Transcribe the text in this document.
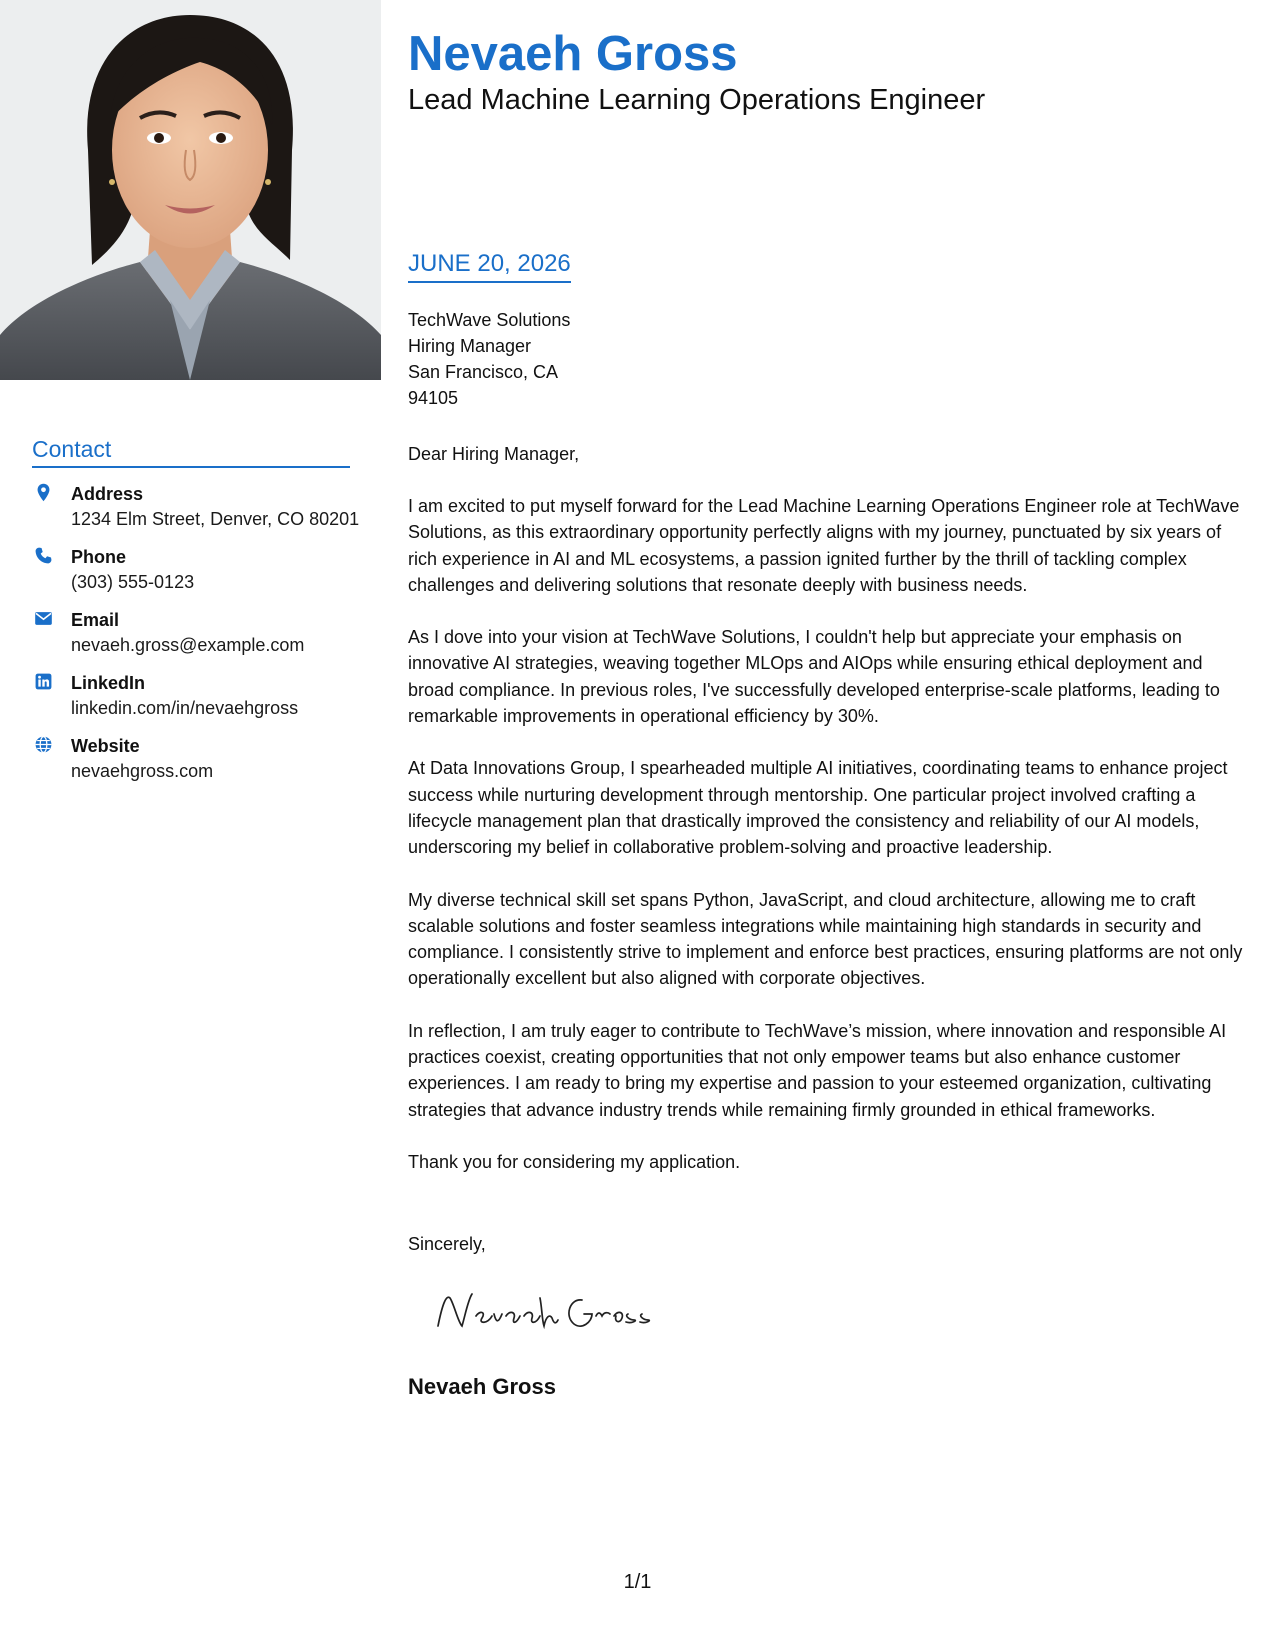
Contact
Address
1234 Elm Street, Denver, CO 80201
Phone
(303) 555-0123
Email
nevaeh.gross@example.com
LinkedIn
linkedin.com/in/nevaehgross
Website
nevaehgross.com
Nevaeh Gross
Lead Machine Learning Operations Engineer
JUNE 20, 2026
TechWave Solutions
Hiring Manager
San Francisco, CA
94105
Dear Hiring Manager,

I am excited to put myself forward for the Lead Machine Learning Operations Engineer role at TechWave Solutions, as this extraordinary opportunity perfectly aligns with my journey, punctuated by six years of rich experience in AI and ML ecosystems, a passion ignited further by the thrill of tackling complex challenges and delivering solutions that resonate deeply with business needs.

As I dove into your vision at TechWave Solutions, I couldn't help but appreciate your emphasis on innovative AI strategies, weaving together MLOps and AIOps while ensuring ethical deployment and broad compliance. In previous roles, I've successfully developed enterprise-scale platforms, leading to remarkable improvements in operational efficiency by 30%.

At Data Innovations Group, I spearheaded multiple AI initiatives, coordinating teams to enhance project success while nurturing development through mentorship. One particular project involved crafting a lifecycle management plan that drastically improved the consistency and reliability of our AI models, underscoring my belief in collaborative problem-solving and proactive leadership.

My diverse technical skill set spans Python, JavaScript, and cloud architecture, allowing me to craft scalable solutions and foster seamless integrations while maintaining high standards in security and compliance. I consistently strive to implement and enforce best practices, ensuring platforms are not only operationally excellent but also aligned with corporate objectives.

In reflection, I am truly eager to contribute to TechWave’s mission, where innovation and responsible AI practices coexist, creating opportunities that not only empower teams but also enhance customer experiences. I am ready to bring my expertise and passion to your esteemed organization, cultivating strategies that advance industry trends while remaining firmly grounded in ethical frameworks.

Thank you for considering my application.

Sincerely,
Nevaeh Gross
1/1
